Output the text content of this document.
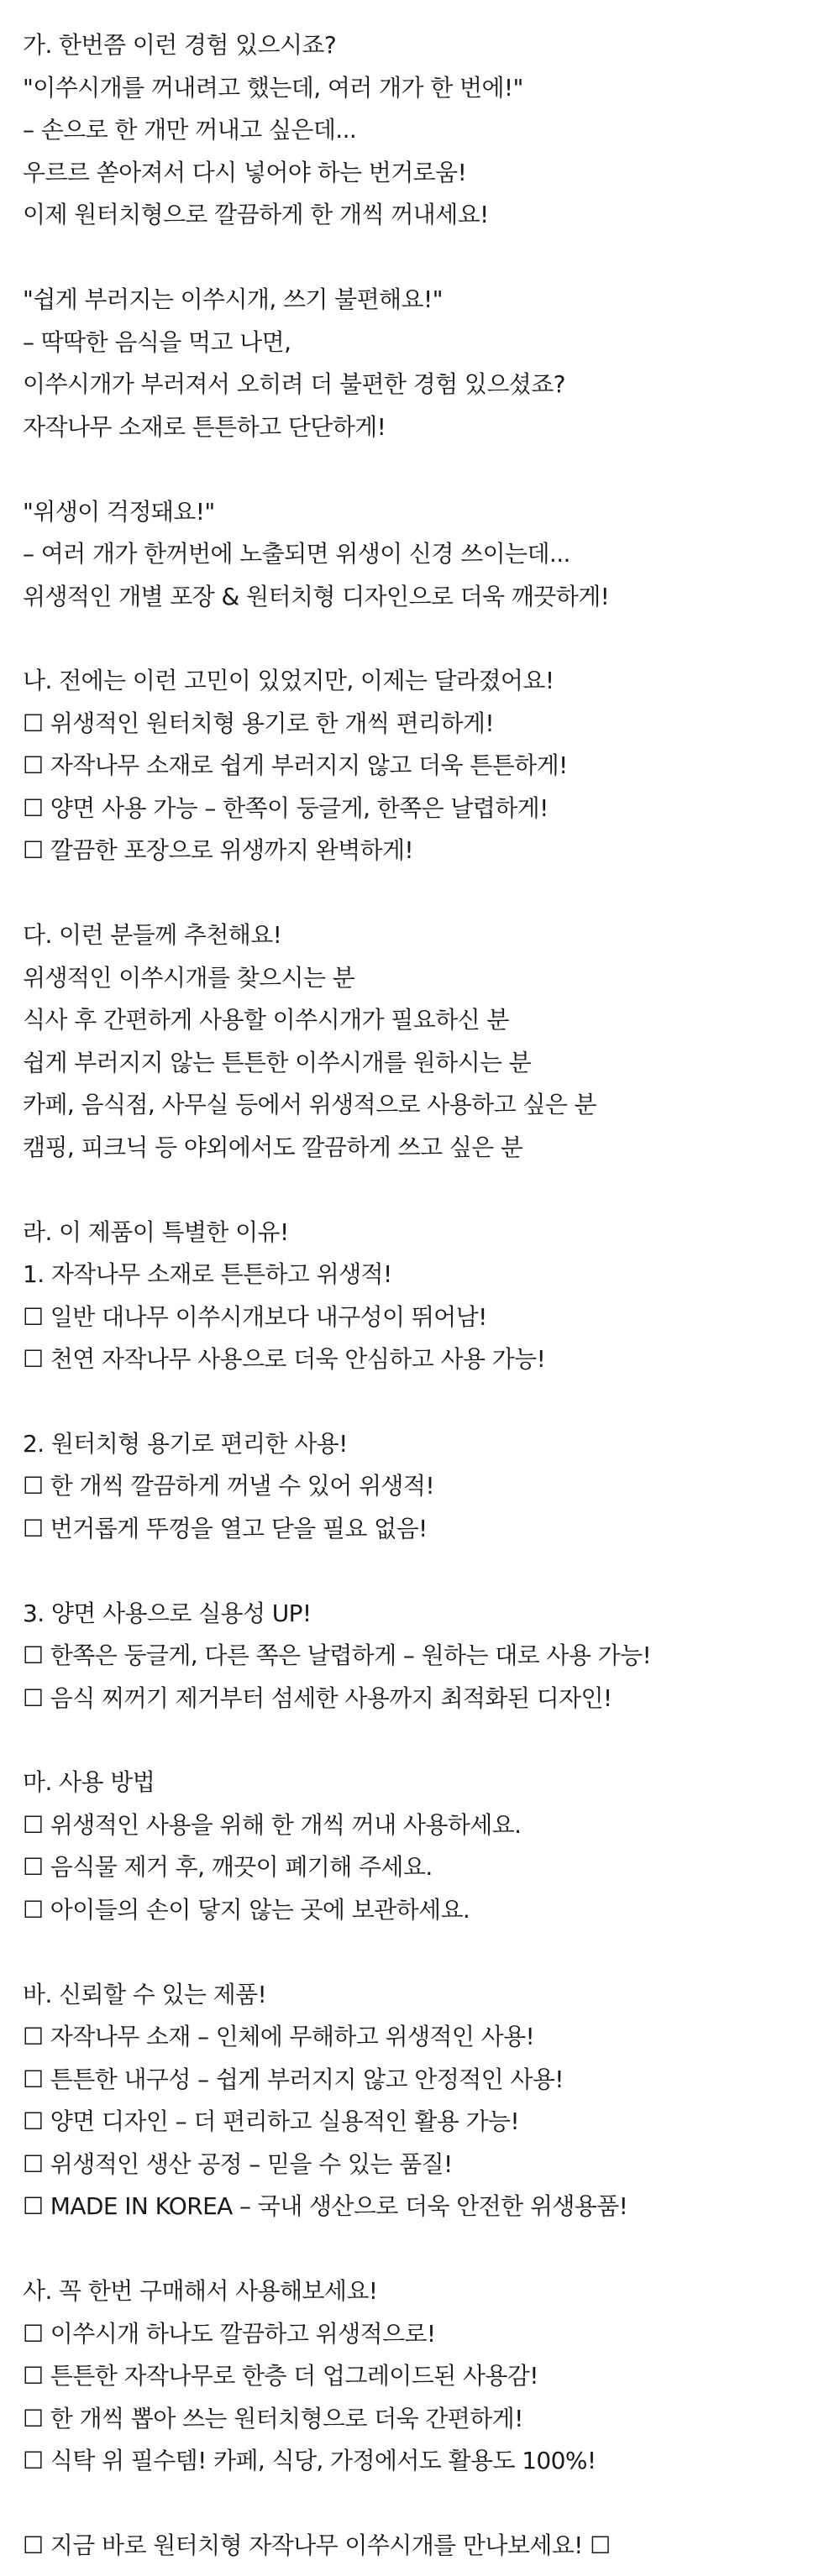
가. 한번쯤 이런 경험 있으시죠?
"이쑤시개를 꺼내려고 했는데, 여러 개가 한 번에!"
– 손으로 한 개만 꺼내고 싶은데...
우르르 쏟아져서 다시 넣어야 하는 번거로움!
이제 원터치형으로 깔끔하게 한 개씩 꺼내세요!
"쉽게 부러지는 이쑤시개, 쓰기 불편해요!"
– 딱딱한 음식을 먹고 나면,
이쑤시개가 부러져서 오히려 더 불편한 경험 있으셨죠?
자작나무 소재로 튼튼하고 단단하게!
"위생이 걱정돼요!"
– 여러 개가 한꺼번에 노출되면 위생이 신경 쓰이는데...
위생적인 개별 포장 & 원터치형 디자인으로 더욱 깨끗하게!
나. 전에는 이런 고민이 있었지만, 이제는 달라졌어요!
☐ 위생적인 원터치형 용기로 한 개씩 편리하게!
☐ 자작나무 소재로 쉽게 부러지지 않고 더욱 튼튼하게!
☐ 양면 사용 가능 – 한쪽이 둥글게, 한쪽은 날렵하게!
☐ 깔끔한 포장으로 위생까지 완벽하게!
다. 이런 분들께 추천해요!
위생적인 이쑤시개를 찾으시는 분
식사 후 간편하게 사용할 이쑤시개가 필요하신 분
쉽게 부러지지 않는 튼튼한 이쑤시개를 원하시는 분
카페, 음식점, 사무실 등에서 위생적으로 사용하고 싶은 분
캠핑, 피크닉 등 야외에서도 깔끔하게 쓰고 싶은 분
라. 이 제품이 특별한 이유!
1. 자작나무 소재로 튼튼하고 위생적!
☐ 일반 대나무 이쑤시개보다 내구성이 뛰어남!
☐ 천연 자작나무 사용으로 더욱 안심하고 사용 가능!
2. 원터치형 용기로 편리한 사용!
☐ 한 개씩 깔끔하게 꺼낼 수 있어 위생적!
☐ 번거롭게 뚜껑을 열고 닫을 필요 없음!
3. 양면 사용으로 실용성 UP!
☐ 한쪽은 둥글게, 다른 쪽은 날렵하게 – 원하는 대로 사용 가능!
☐ 음식 찌꺼기 제거부터 섬세한 사용까지 최적화된 디자인!
마. 사용 방법
☐ 위생적인 사용을 위해 한 개씩 꺼내 사용하세요.
☐ 음식물 제거 후, 깨끗이 폐기해 주세요.
☐ 아이들의 손이 닿지 않는 곳에 보관하세요.
바. 신뢰할 수 있는 제품!
☐ 자작나무 소재 – 인체에 무해하고 위생적인 사용!
☐ 튼튼한 내구성 – 쉽게 부러지지 않고 안정적인 사용!
☐ 양면 디자인 – 더 편리하고 실용적인 활용 가능!
☐ 위생적인 생산 공정 – 믿을 수 있는 품질!
☐ MADE IN KOREA – 국내 생산으로 더욱 안전한 위생용품!
사. 꼭 한번 구매해서 사용해보세요!
☐ 이쑤시개 하나도 깔끔하고 위생적으로!
☐ 튼튼한 자작나무로 한층 더 업그레이드된 사용감!
☐ 한 개씩 뽑아 쓰는 원터치형으로 더욱 간편하게!
☐ 식탁 위 필수템! 카페, 식당, 가정에서도 활용도 100%!
☐ 지금 바로 원터치형 자작나무 이쑤시개를 만나보세요! ☐
